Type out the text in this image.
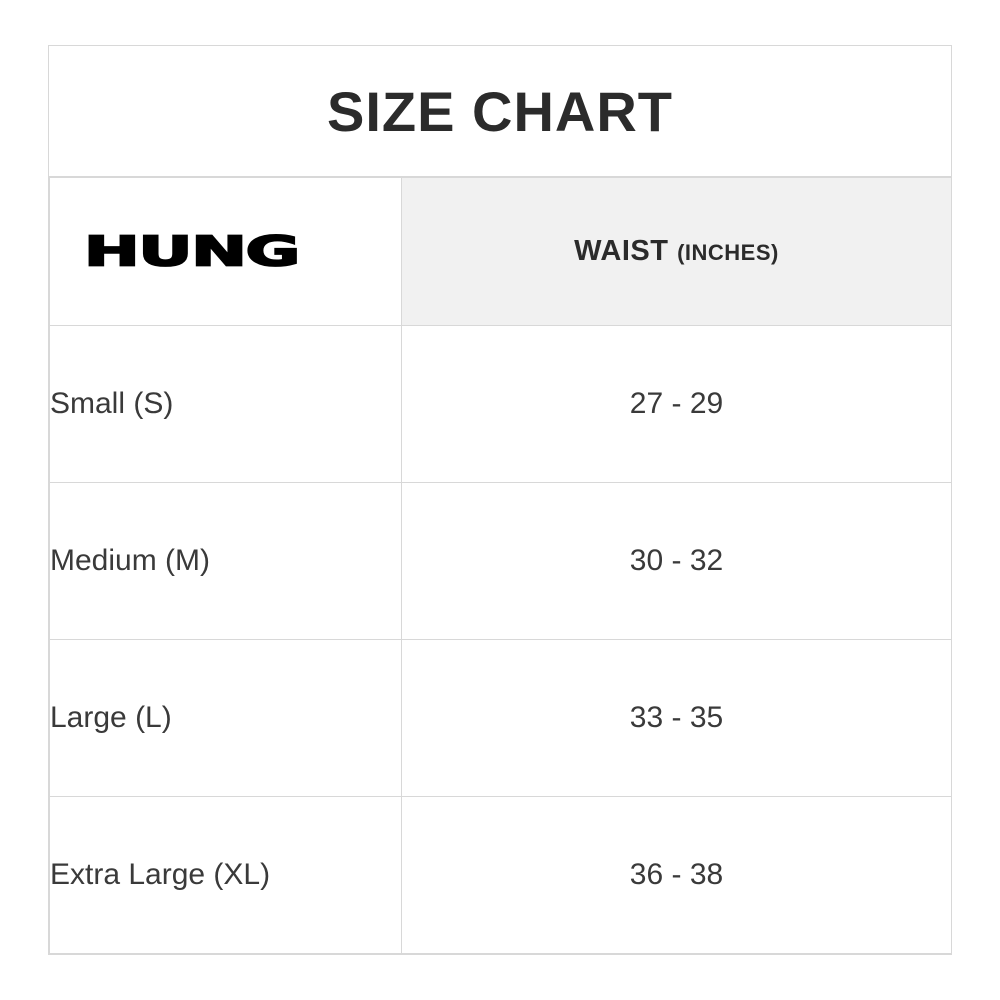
SIZE CHART
HUNG	WAIST (INCHES)
Small (S)	27 - 29
Medium (M)	30 - 32
Large (L)	33 - 35
Extra Large (XL)	36 - 38
